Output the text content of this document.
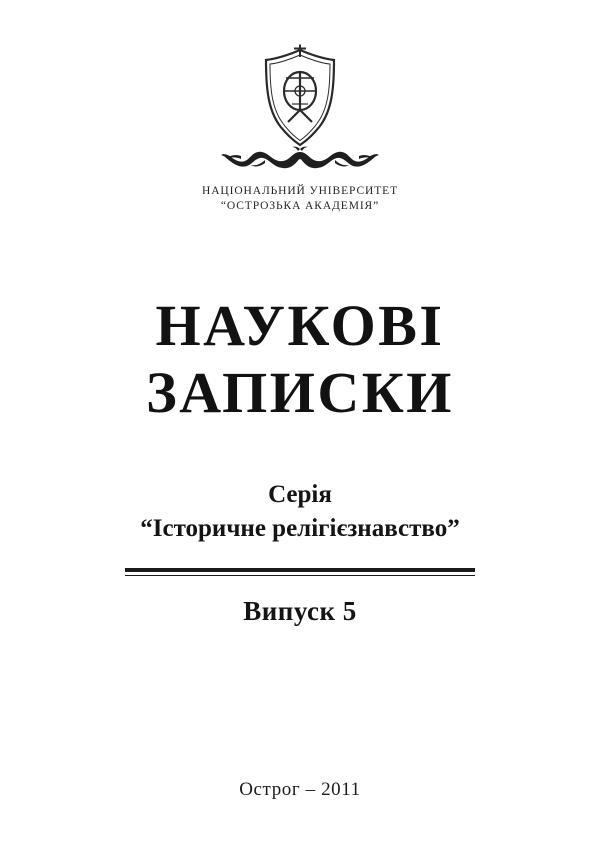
НАЦІОНАЛЬНИЙ УНІВЕРСИТЕТ
“ОСТРОЗЬКА АКАДЕМІЯ”
НАУКОВІ
ЗАПИСКИ
Серія
“Історичне релігієзнавство”
Випуск 5
Острог – 2011
